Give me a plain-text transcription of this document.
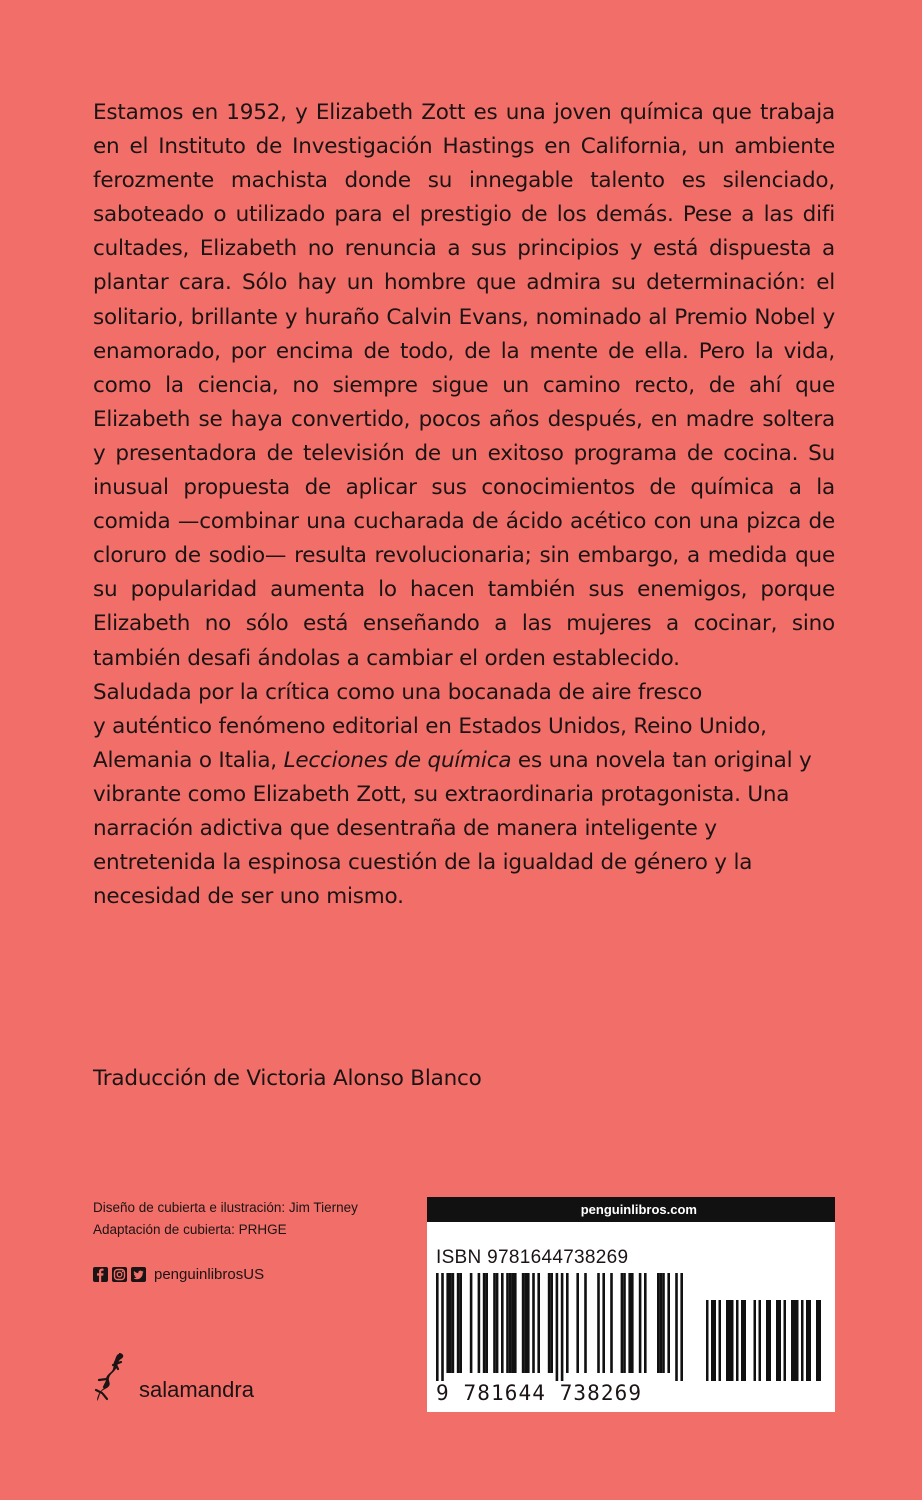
Estamos en 1952, y Elizabeth Zott es una joven química que trabaja en el Instituto de Investigación Hastings en California, un ambiente ferozmente machista donde su innegable talento es silenciado, saboteado o utilizado para el prestigio de los demás. Pese a las difi cultades, Elizabeth no renuncia a sus principios y está dispuesta a plantar cara. Sólo hay un hombre que admira su determinación: el solitario, brillante y huraño Calvin Evans, nominado al Premio Nobel y enamorado, por encima de todo, de la mente de ella. Pero la vida, como la ciencia, no siempre sigue un camino recto, de ahí que Elizabeth se haya convertido, pocos años después, en madre soltera y presentadora de televisión de un exitoso programa de cocina. Su inusual propuesta de aplicar sus conocimientos de química a la comida —combinar una cucharada de ácido acético con una pizca de cloruro de sodio— resulta revolucionaria; sin embargo, a medida que su popularidad aumenta lo hacen también sus enemigos, porque Elizabeth no sólo está enseñando a las mujeres a cocinar, sino también desafi ándolas a cambiar el orden establecido.

Saludada por la crítica como una bocanada de aire fresco
y auténtico fenómeno editorial en Estados Unidos, Reino Unido, Alemania o Italia, Lecciones de química es una novela tan original y vibrante como Elizabeth Zott, su extraordinaria protagonista. Una narración adictiva que desentraña de manera inteligente y entretenida la espinosa cuestión de la igualdad de género y la necesidad de ser uno mismo.

Traducción de Victoria Alonso Blanco
Diseño de cubierta e ilustración: Jim Tierney
Adaptación de cubierta: PRHGE
penguinlibrosUS
salamandra
penguinlibros.com
ISBN 9781644738269
9 781644 738269
